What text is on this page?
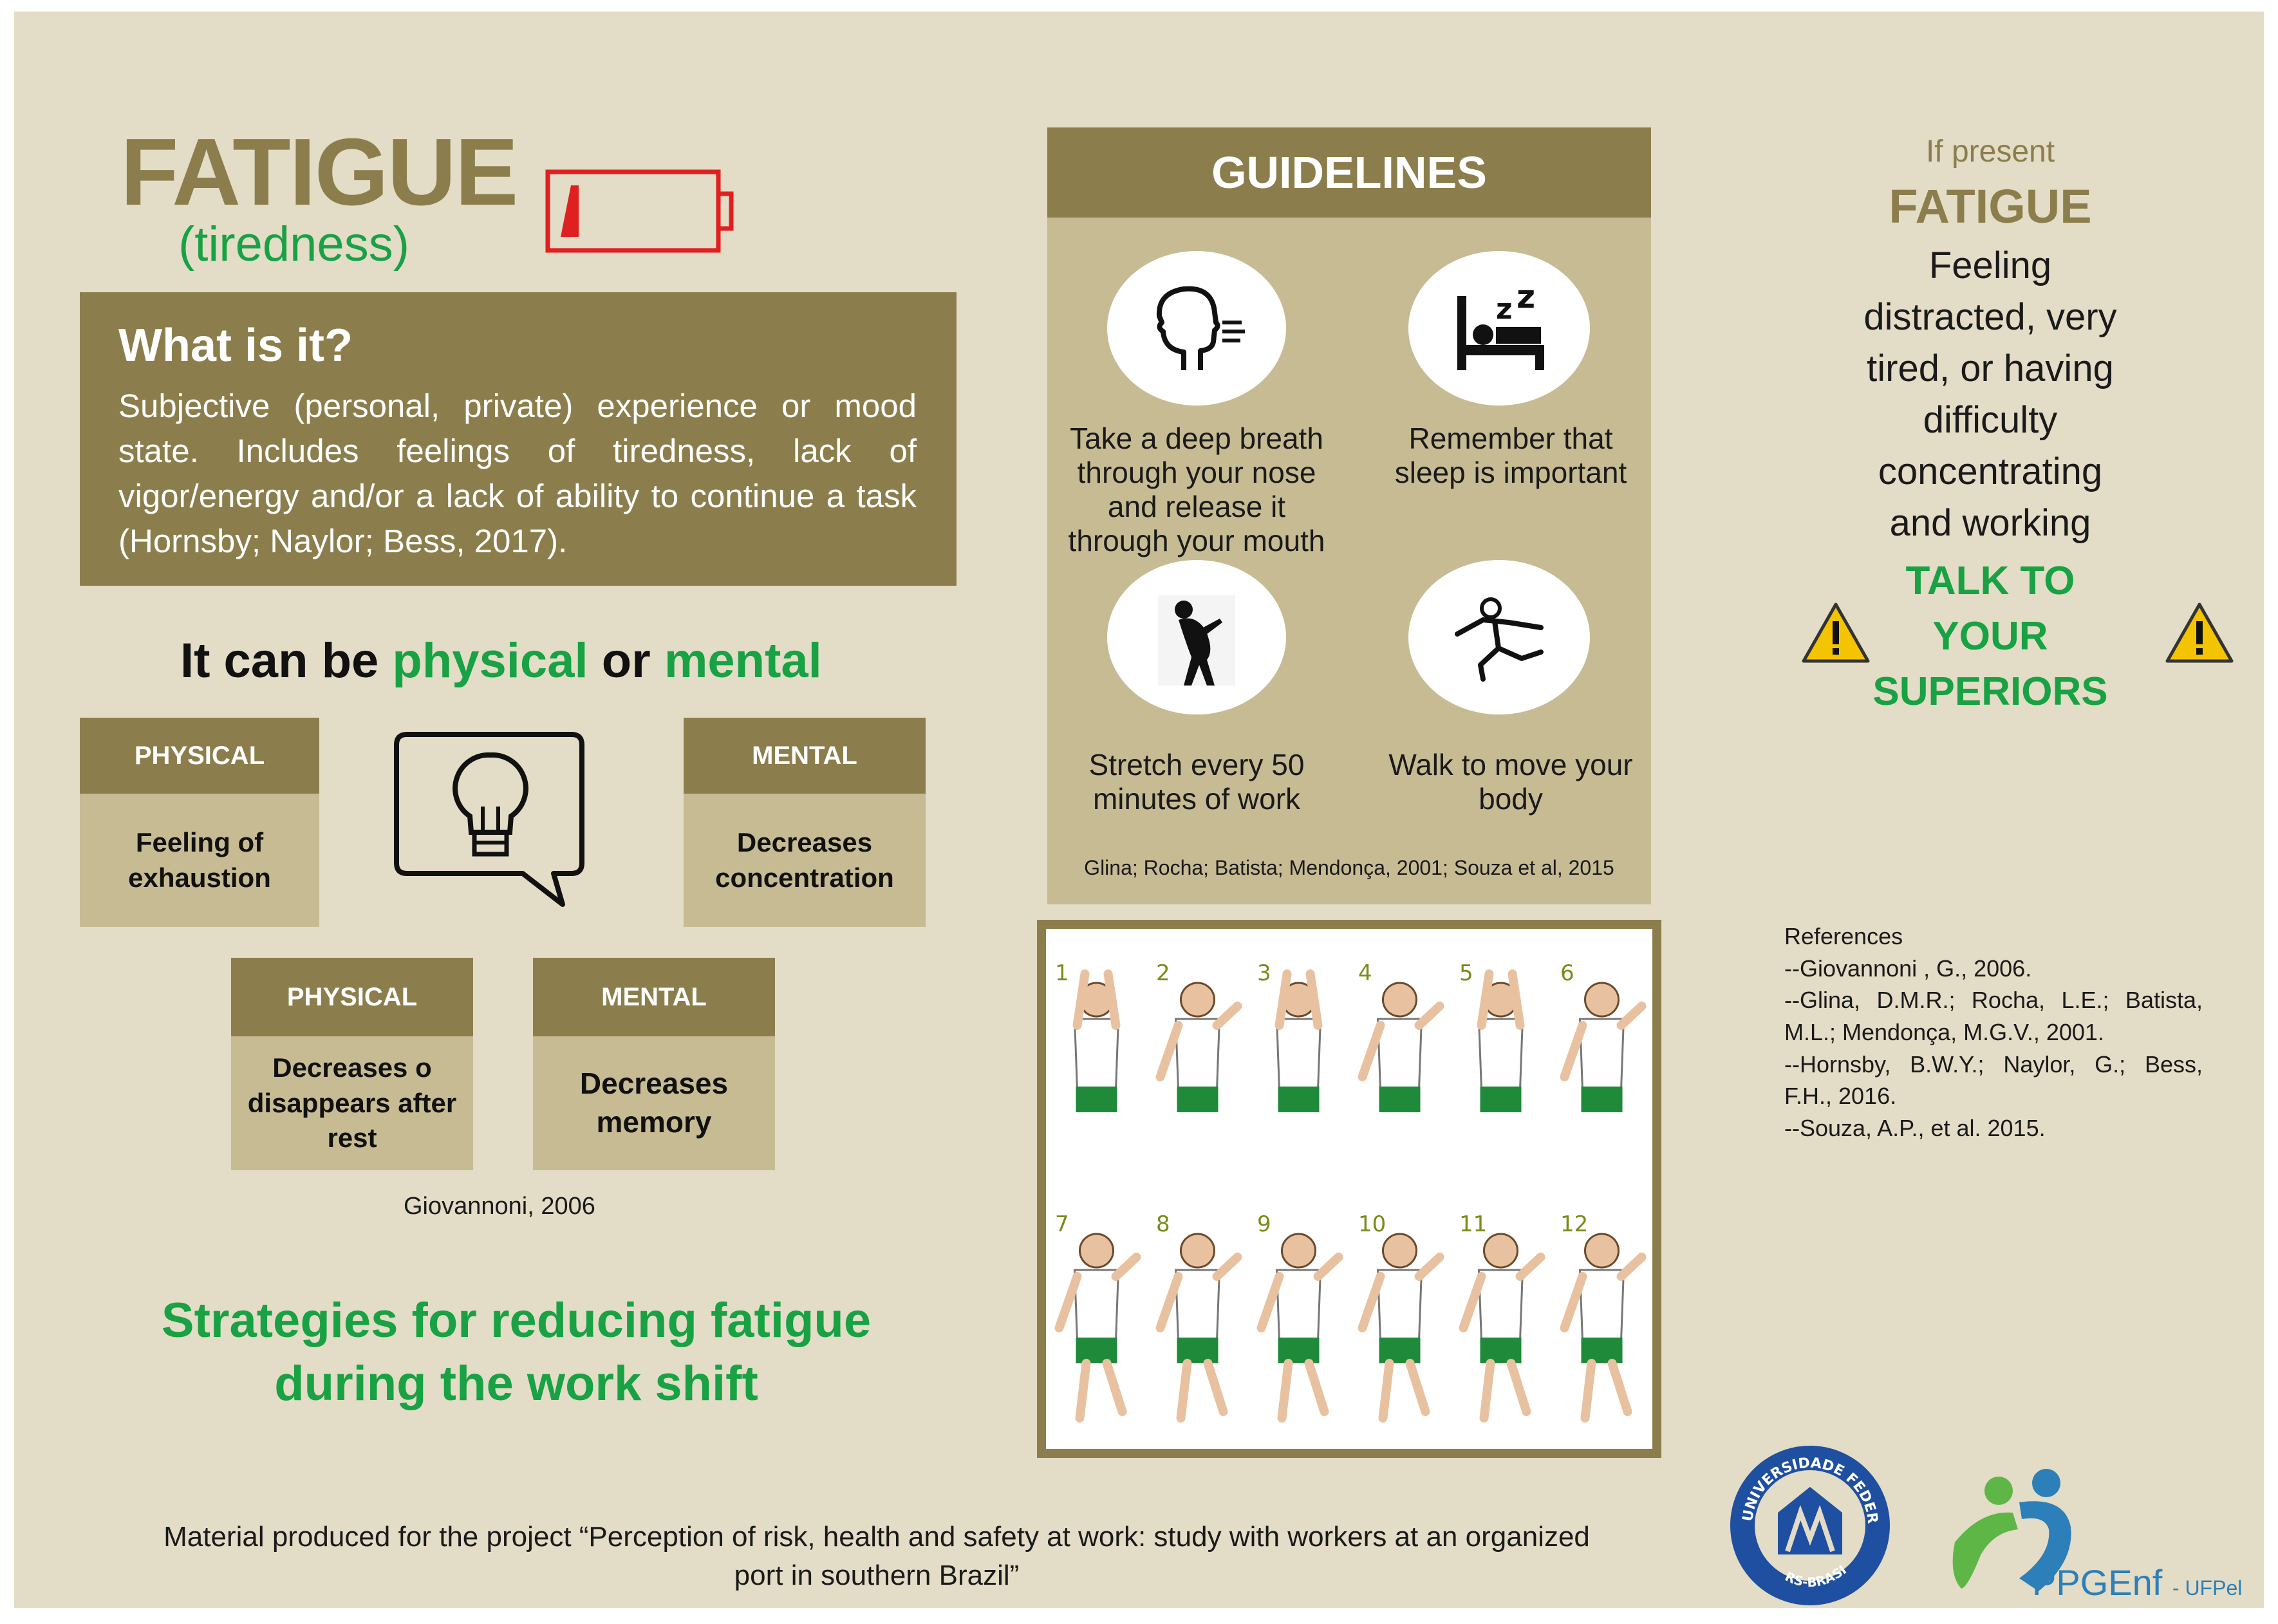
FATIGUE
(tiredness)
What is it?
Subjective (personal, private) experience or mood state. Includes feelings of tiredness, lack of vigor/energy and/or a lack of ability to continue a task (Hornsby; Naylor; Bess, 2017).
It can be physical or mental
PHYSICAL
Feeling of exhaustion
MENTAL
Decreases concentration
PHYSICAL
Decreases o disappears after rest
MENTAL
Decreases memory
Giovannoni, 2006
Strategies for reducing fatigue
during the work shift
GUIDELINES
Take a deep breath through your nose and release it through your mouth
z z
Remember that sleep is important
Stretch every 50 minutes of work
Walk to move your body
Glina; Rocha; Batista; Mendonça, 2001; Souza et al, 2015
1	2	3	4	5	6
7	8	9	10	11	12
If present
FATIGUE
Feeling distracted, very tired, or having difficulty concentrating and working
TALK TO YOUR
SUPERIORS
References
--Giovannoni , G., 2006.
--Glina, D.M.R.; Rocha, L.E.; Batista, M.L.; Mendonça, M.G.V., 2001.
--Hornsby, B.W.Y.; Naylor, G.; Bess, F.H., 2016.
--Souza, A.P., et al. 2015.
Material produced for the project “Perception of risk, health and safety at work: study with workers at an organized
port in southern Brazil”
UNIVERSIDADE FEDER
RS-BRASI	PPGEnf - UFPel
